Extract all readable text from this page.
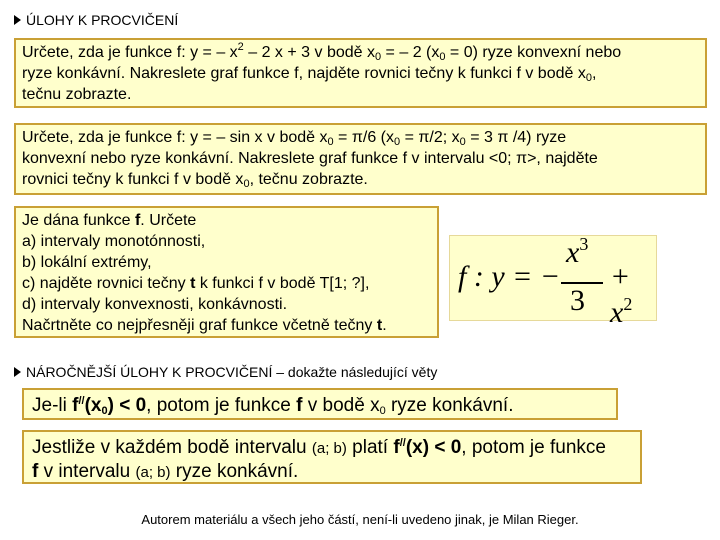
ÚLOHY K PROCVIČENÍ

Určete, zda je funkce f: y = – $x^2 - 2$ x + 3 v bodě $x_0$ = – 2 $(x_0 = 0)$ ryze konvexní nebo

ryze konkávní. Nakreslete graf funkce f, najděte rovnici tečny k funkci f v bodě $x_0$,

tečnu zobrazte.

Určete, zda je funkce f: y = – sin x v bodě $x_0 = \pi/6$ ($x_0 = \pi/2$; $x_0 = 3$ π /4) ryze

konvexní nebo ryze konkávní. Nakreslete graf funkce f v intervalu <0; π>, najděte

rovnici tečny k funkci f v bodě $x_0$, tečnu zobrazte.

Je dána funkce f. Určete

a) intervaly monotónnosti,

b) lokální extrémy,

c) najděte rovnici tečny t k funkci f v bodě T[1; ?],

d) intervaly konvexnosti, konkávnosti.

Načrtněte co nejpřesněji graf funkce včetně tečny t.

f : y = −
$x^3$
3
+ $x^2$
NÁROČNĚJŠÍ ÚLOHY K PROCVIČENÍ – dokažte následující věty

Je-li $f^{//}(x_0) < 0$, potom je funkce f v bodě $x_0$ ryze konkávní.

Jestliže v každém bodě intervalu (a; b) platí f//(x) < 0, potom je funkce

f v intervalu (a; b) ryze konkávní.

Autorem materiálu a všech jeho částí, není-li uvedeno jinak, je Milan Rieger.
